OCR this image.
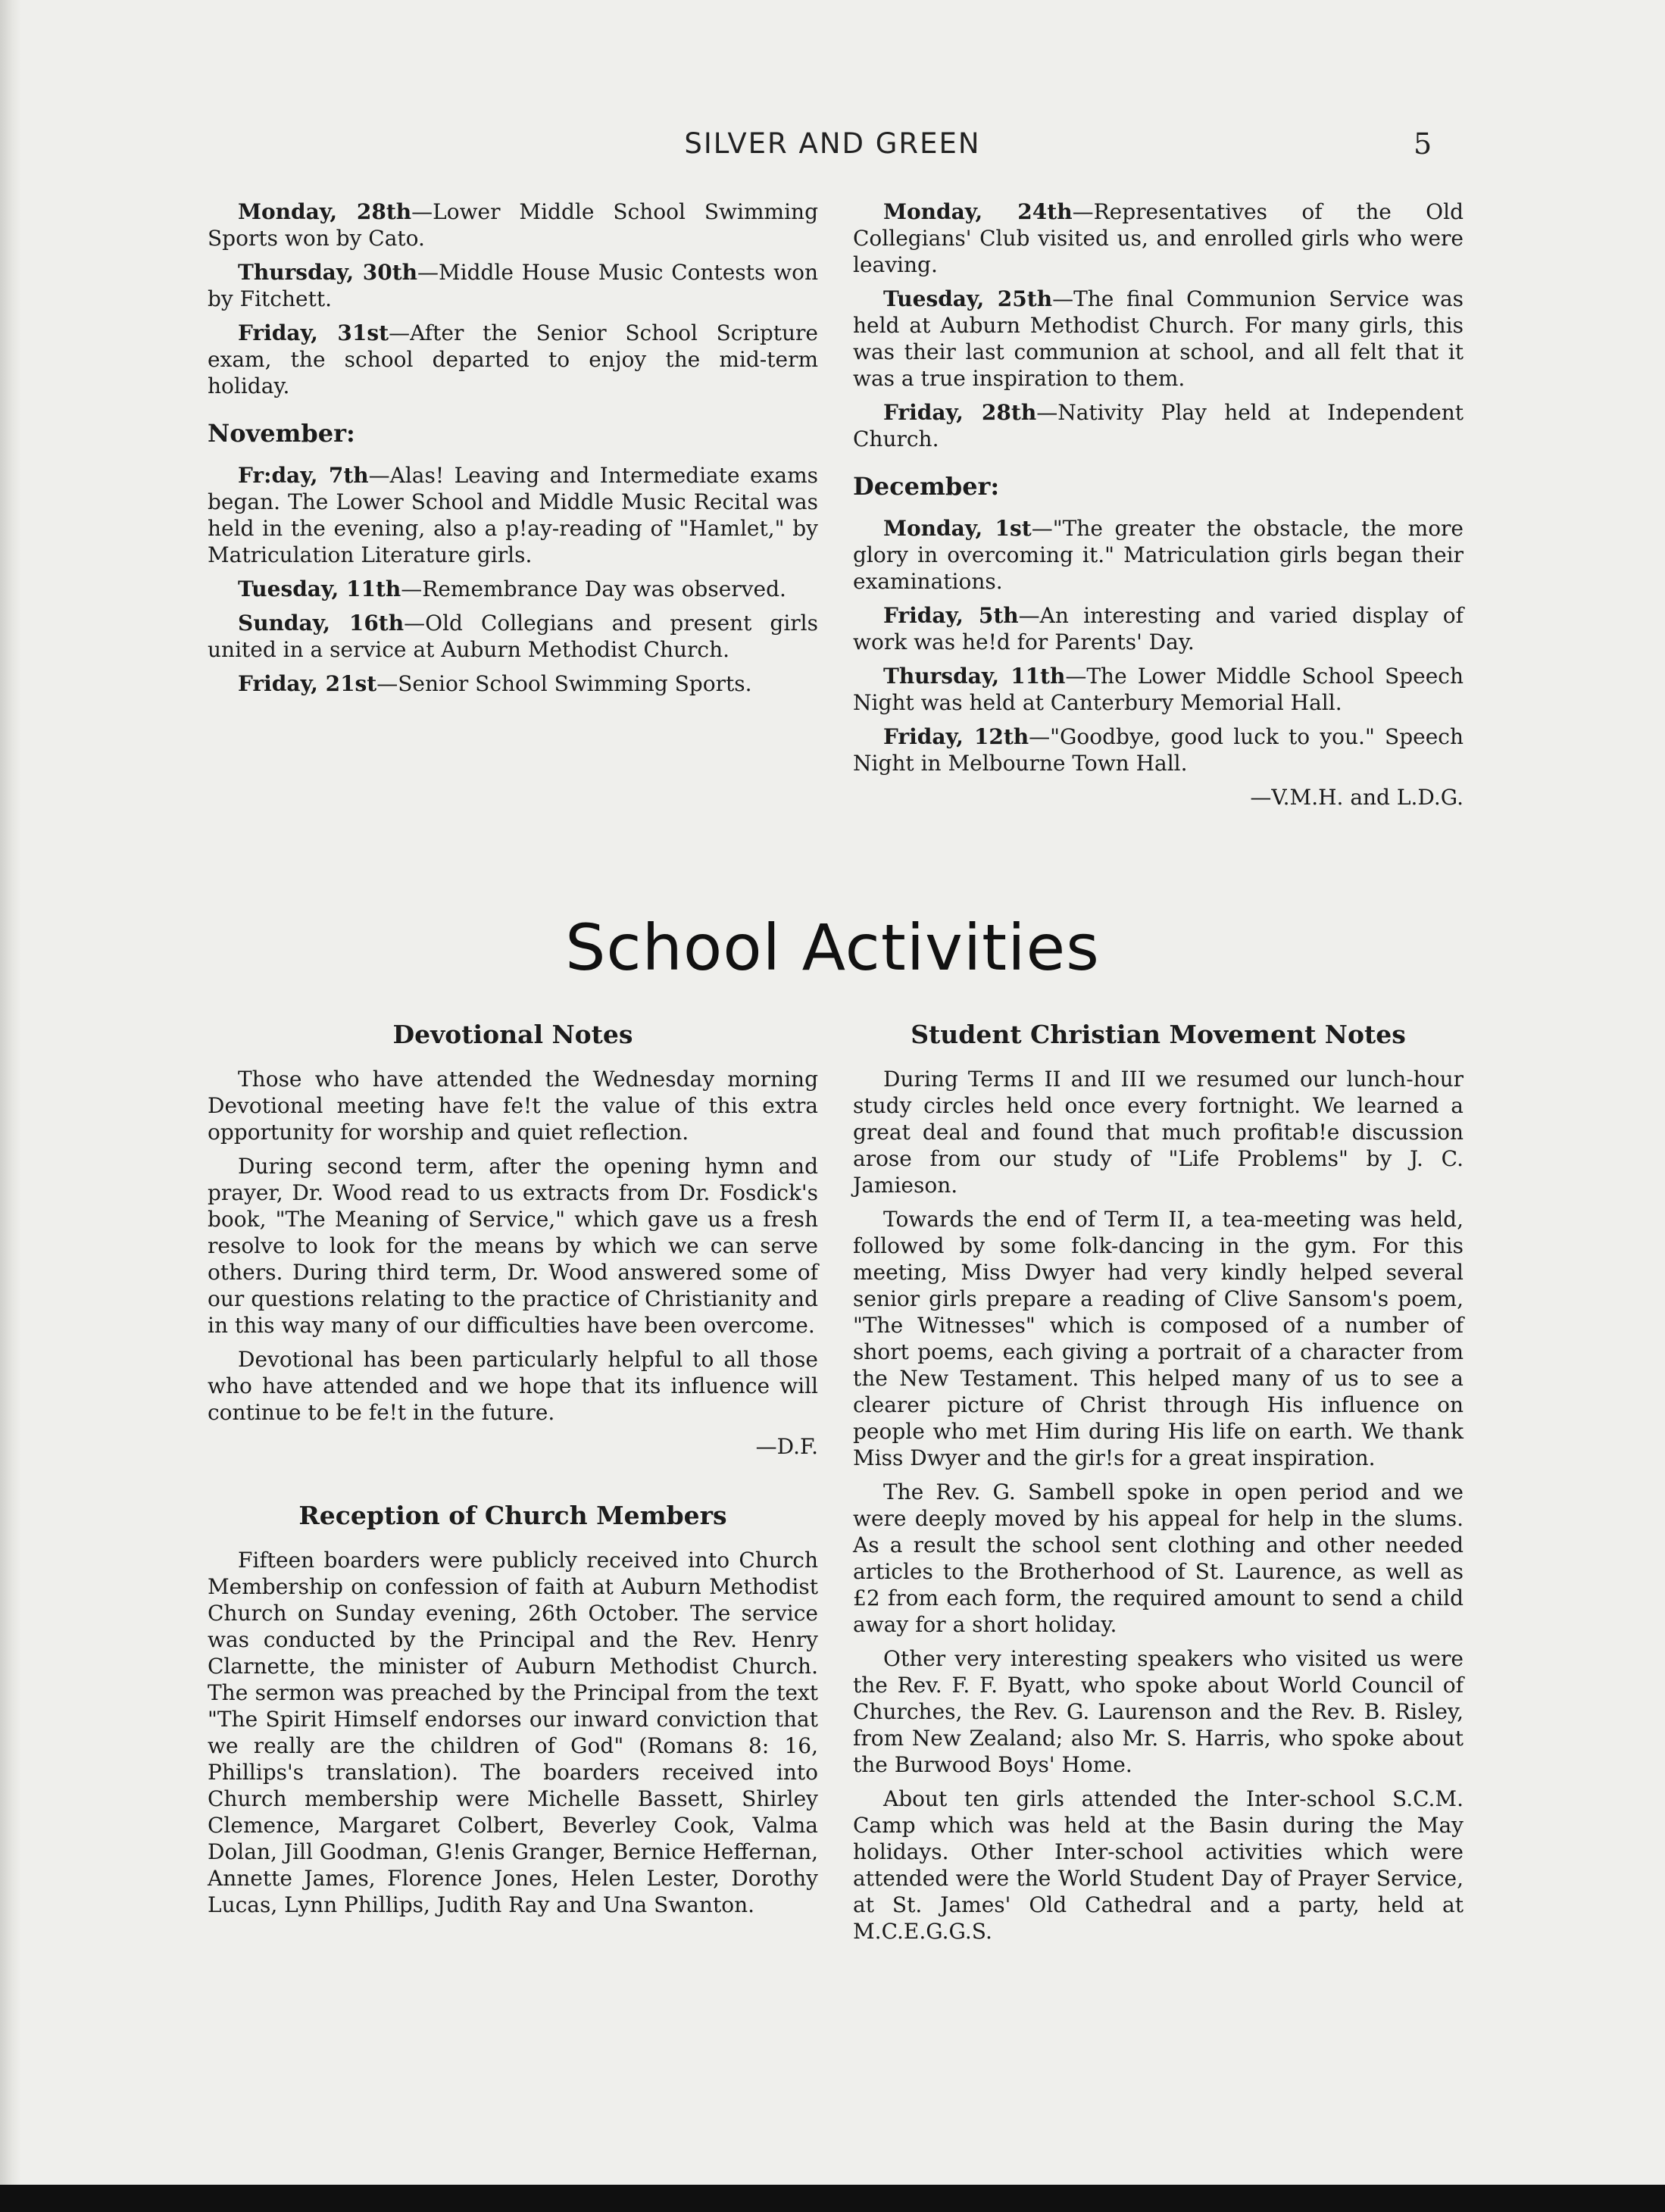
SILVER AND GREEN	5
Monday, 28th—Lower Middle School Swimming Sports won by Cato.
Thursday, 30th—Middle House Music Contests won by Fitchett.
Friday, 31st—After the Senior School Scripture exam, the school departed to enjoy the mid-term holiday.
November:
Fr:day, 7th—Alas! Leaving and Intermediate exams began. The Lower School and Middle Music Recital was held in the evening, also a p!ay-reading of "Hamlet," by Matriculation Literature girls.
Tuesday, 11th—Remembrance Day was observed.
Sunday, 16th—Old Collegians and present girls united in a service at Auburn Methodist Church.
Friday, 21st—Senior School Swimming Sports.
Monday, 24th—Representatives of the Old Collegians' Club visited us, and enrolled girls who were leaving.
Tuesday, 25th—The final Communion Service was held at Auburn Methodist Church. For many girls, this was their last communion at school, and all felt that it was a true inspiration to them.
Friday, 28th—Nativity Play held at Independent Church.
December:
Monday, 1st—"The greater the obstacle, the more glory in overcoming it." Matriculation girls began their examinations.
Friday, 5th—An interesting and varied display of work was he!d for Parents' Day.
Thursday, 11th—The Lower Middle School Speech Night was held at Canterbury Memorial Hall.
Friday, 12th—"Goodbye, good luck to you." Speech Night in Melbourne Town Hall.
—V.M.H. and L.D.G.
School Activities
Devotional Notes

Those who have attended the Wednesday morning Devotional meeting have fe!t the value of this extra opportunity for worship and quiet reflection.

During second term, after the opening hymn and prayer, Dr. Wood read to us extracts from Dr. Fosdick's book, "The Meaning of Service," which gave us a fresh resolve to look for the means by which we can serve others. During third term, Dr. Wood answered some of our questions relating to the practice of Christianity and in this way many of our difficulties have been overcome.

Devotional has been particularly helpful to all those who have attended and we hope that its influence will continue to be fe!t in the future.

—D.F.

Reception of Church Members

Fifteen boarders were publicly received into Church Membership on confession of faith at Auburn Methodist Church on Sunday evening, 26th October. The service was conducted by the Principal and the Rev. Henry Clarnette, the minister of Auburn Methodist Church. The sermon was preached by the Principal from the text "The Spirit Himself endorses our inward conviction that we really are the children of God" (Romans 8: 16, Phillips's translation). The boarders received into Church membership were Michelle Bassett, Shirley Clemence, Margaret Colbert, Beverley Cook, Valma Dolan, Jill Goodman, G!enis Granger, Bernice Heffernan, Annette James, Florence Jones, Helen Lester, Dorothy Lucas, Lynn Phillips, Judith Ray and Una Swanton.

Student Christian Movement Notes

During Terms II and III we resumed our lunch-hour study circles held once every fortnight. We learned a great deal and found that much profitab!e discussion arose from our study of "Life Problems" by J. C. Jamieson.

Towards the end of Term II, a tea-meeting was held, followed by some folk-dancing in the gym. For this meeting, Miss Dwyer had very kindly helped several senior girls prepare a reading of Clive Sansom's poem, "The Witnesses" which is composed of a number of short poems, each giving a portrait of a character from the New Testament. This helped many of us to see a clearer picture of Christ through His influence on people who met Him during His life on earth. We thank Miss Dwyer and the gir!s for a great inspiration.

The Rev. G. Sambell spoke in open period and we were deeply moved by his appeal for help in the slums. As a result the school sent clothing and other needed articles to the Brotherhood of St. Laurence, as well as £2 from each form, the required amount to send a child away for a short holiday.

Other very interesting speakers who visited us were the Rev. F. F. Byatt, who spoke about World Council of Churches, the Rev. G. Laurenson and the Rev. B. Risley, from New Zealand; also Mr. S. Harris, who spoke about the Burwood Boys' Home.

About ten girls attended the Inter-school S.C.M. Camp which was held at the Basin during the May holidays. Other Inter-school activities which were attended were the World Student Day of Prayer Service, at St. James' Old Cathedral and a party, held at M.C.E.G.G.S.
